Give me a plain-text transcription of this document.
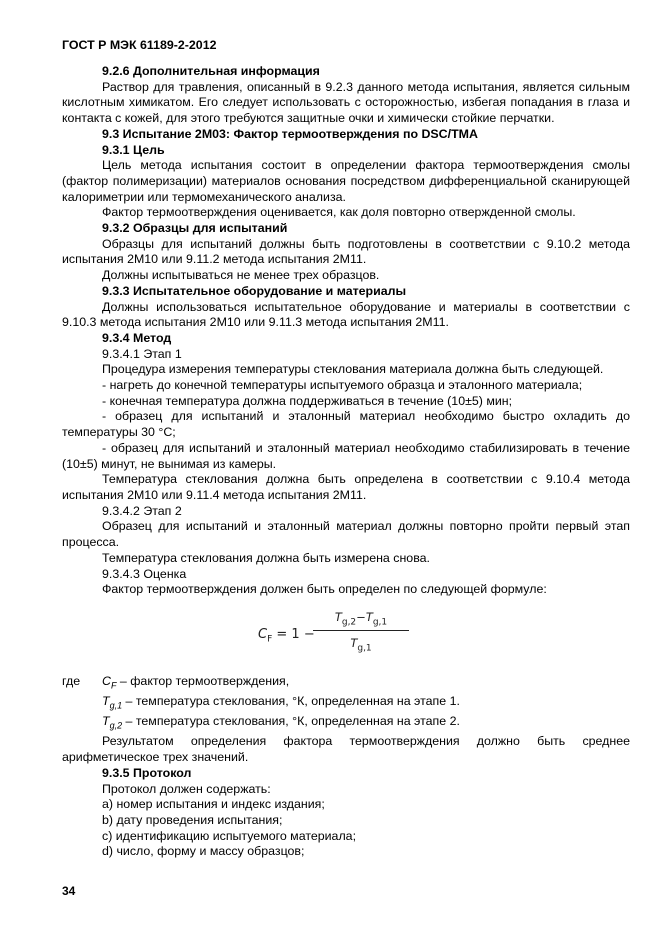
ГОСТ Р МЭК 61189-2-2012

9.2.6 Дополнительная информация

Раствор для травления, описанный в 9.2.3 данного метода испытания, является сильным кислотным химикатом. Его следует использовать с осторожностью, избегая попадания в глаза и контакта с кожей, для этого требуются защитные очки и химически стойкие перчатки.

9.3 Испытание 2М03: Фактор термоотверждения по DSC/TMA

9.3.1 Цель

Цель метода испытания состоит в определении фактора термоотверждения смолы (фактор полимеризации) материалов основания посредством дифференциальной сканирующей калориметрии или термомеханического анализа.

Фактор термоотверждения оценивается, как доля повторно отвержденной смолы.

9.3.2 Образцы для испытаний

Образцы для испытаний должны быть подготовлены в соответствии с 9.10.2 метода испытания 2М10 или 9.11.2 метода испытания 2М11.

Должны испытываться не менее трех образцов.

9.3.3 Испытательное оборудование и материалы

Должны использоваться испытательное оборудование и материалы в соответствии с 9.10.3 метода испытания 2М10 или 9.11.3 метода испытания 2М11.

9.3.4 Метод

9.3.4.1 Этап 1

Процедура измерения температуры стеклования материала должна быть следующей.

- нагреть до конечной температуры испытуемого образца и эталонного материала;

- конечная температура должна поддерживаться в течение (10±5) мин;

- образец для испытаний и эталонный материал необходимо быстро охладить до температуры 30 °С;

- образец для испытаний и эталонный материал необходимо стабилизировать в течение (10±5) минут, не вынимая из камеры.

Температура стеклования должна быть определена в соответствии с 9.10.4 метода испытания 2М10 или 9.11.4 метода испытания 2М11.

9.3.4.2 Этап 2

Образец для испытаний и эталонный материал должны повторно пройти первый этап процесса.

Температура стеклования должна быть измерена снова.

9.3.4.3 Оценка

Фактор термоотверждения должен быть определен по следующей формуле:

$C_F = 1$ −
$\frac{T_{g,2}-T_{g,1}}{T_{g,1}}$
где	$C_F$ – фактор термоотверждения,
$T_{g,1}$ – температура стеклования, °К, определенная на этапе 1.
$T_{g,2}$ – температура стеклования, °К, определенная на этапе 2.

Результатом определения фактора термоотверждения должно быть среднее арифметическое трех значений.

9.3.5 Протокол

Протокол должен содержать:

a) номер испытания и индекс издания;

b) дату проведения испытания;

c) идентификацию испытуемого материала;

d) число, форму и массу образцов;

34
